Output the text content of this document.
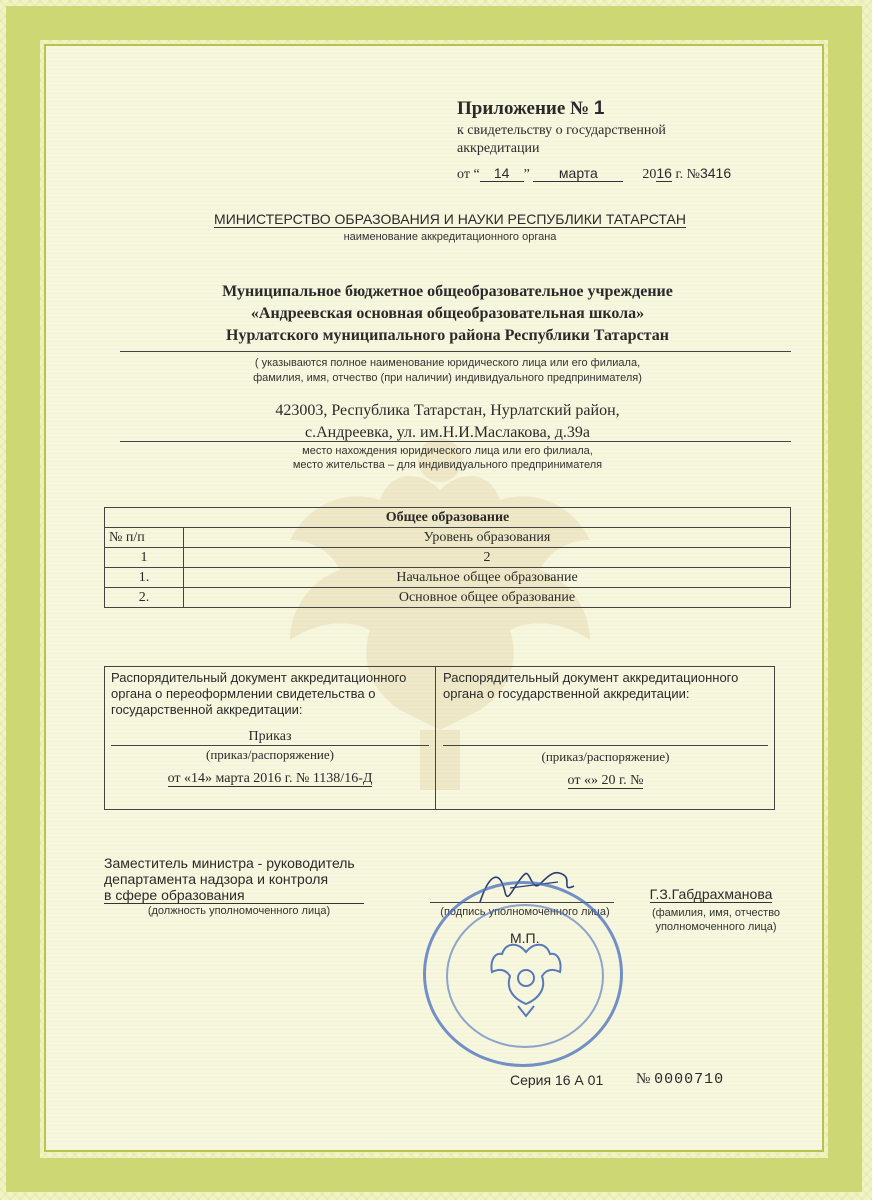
Приложение № 1
к свидетельству о государственной
аккредитации
от “ 14 ” марта	2016 г. №3416
МИНИСТЕРСТВО ОБРАЗОВАНИЯ И НАУКИ РЕСПУБЛИКИ ТАТАРСТАН
наименование аккредитационного органа
Муниципальное бюджетное общеобразовательное учреждение
«Андреевская основная общеобразовательная школа»
Нурлатского муниципального района Республики Татарстан
( указываются полное наименование юридического лица или его филиала,
фамилия, имя, отчество (при наличии) индивидуального предпринимателя)
423003, Республика Татарстан, Нурлатский район,
с.Андреевка, ул. им.Н.И.Маслакова, д.39а
место нахождения юридического лица или его филиала,
место жительства – для индивидуального предпринимателя
Общее образование	
№ п/п	Уровень образования
1	2
1.	Начальное общее образование
2.	Основное общее образование
Распорядительный документ аккредитационного
органа о переоформлении свидетельства о
государственной аккредитации:
Приказ
(приказ/распоряжение)
от «14» марта 2016 г. № 1138/16-Д
Распорядительный документ аккредитационного
органа о государственной аккредитации:
(приказ/распоряжение)
от «» 20 г. №
Заместитель министра - руководитель
департамента надзора и контроля
в сфере образования
(должность уполномоченного лица)	(подпись уполномоченного лица)
М.П.
Г.З.Габдрахманова
(фамилия, имя, отчество
уполномоченного лица)
Серия 16 А 01 № 0000710
